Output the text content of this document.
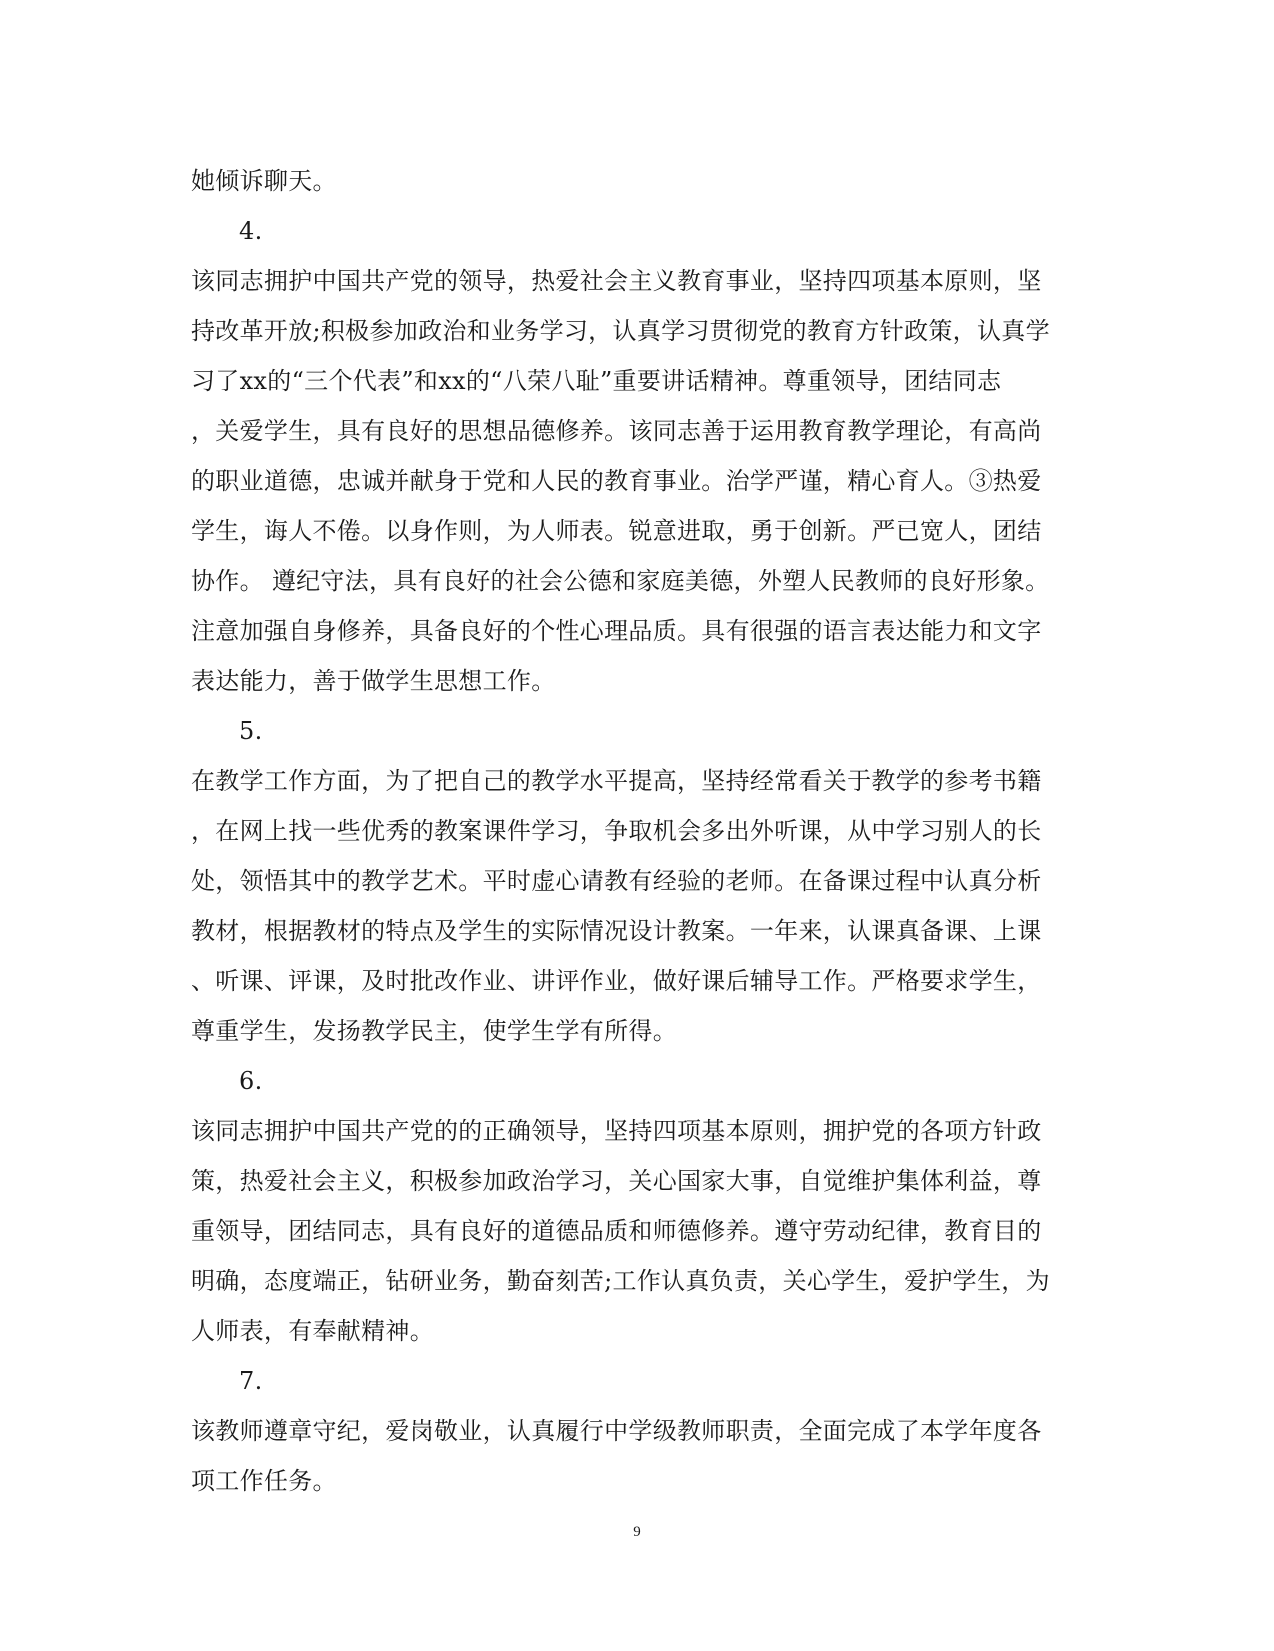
她倾诉聊天。
4.
该同志拥护中国共产党的领导，热爱社会主义教育事业，坚持四项基本原则，坚
持改革开放;积极参加政治和业务学习，认真学习贯彻党的教育方针政策，认真学
习了xx的“三个代表”和xx的“八荣八耻”重要讲话精神。尊重领导，团结同志
，关爱学生，具有良好的思想品德修养。该同志善于运用教育教学理论，有高尚
的职业道德，忠诚并献身于党和人民的教育事业。治学严谨，精心育人。③热爱
学生，诲人不倦。以身作则，为人师表。锐意进取，勇于创新。严已宽人，团结
协作。 遵纪守法，具有良好的社会公德和家庭美德，外塑人民教师的良好形象。
注意加强自身修养，具备良好的个性心理品质。具有很强的语言表达能力和文字
表达能力，善于做学生思想工作。
5.
在教学工作方面，为了把自己的教学水平提高，坚持经常看关于教学的参考书籍
，在网上找一些优秀的教案课件学习，争取机会多出外听课，从中学习别人的长
处，领悟其中的教学艺术。平时虚心请教有经验的老师。在备课过程中认真分析
教材，根据教材的特点及学生的实际情况设计教案。一年来，认课真备课、上课
、听课、评课，及时批改作业、讲评作业，做好课后辅导工作。严格要求学生，
尊重学生，发扬教学民主，使学生学有所得。
6.
该同志拥护中国共产党的的正确领导，坚持四项基本原则，拥护党的各项方针政
策，热爱社会主义，积极参加政治学习，关心国家大事，自觉维护集体利益，尊
重领导，团结同志，具有良好的道德品质和师德修养。遵守劳动纪律，教育目的
明确，态度端正，钻研业务，勤奋刻苦;工作认真负责，关心学生，爱护学生，为
人师表，有奉献精神。
7.
该教师遵章守纪，爱岗敬业，认真履行中学级教师职责，全面完成了本学年度各
项工作任务。
9
